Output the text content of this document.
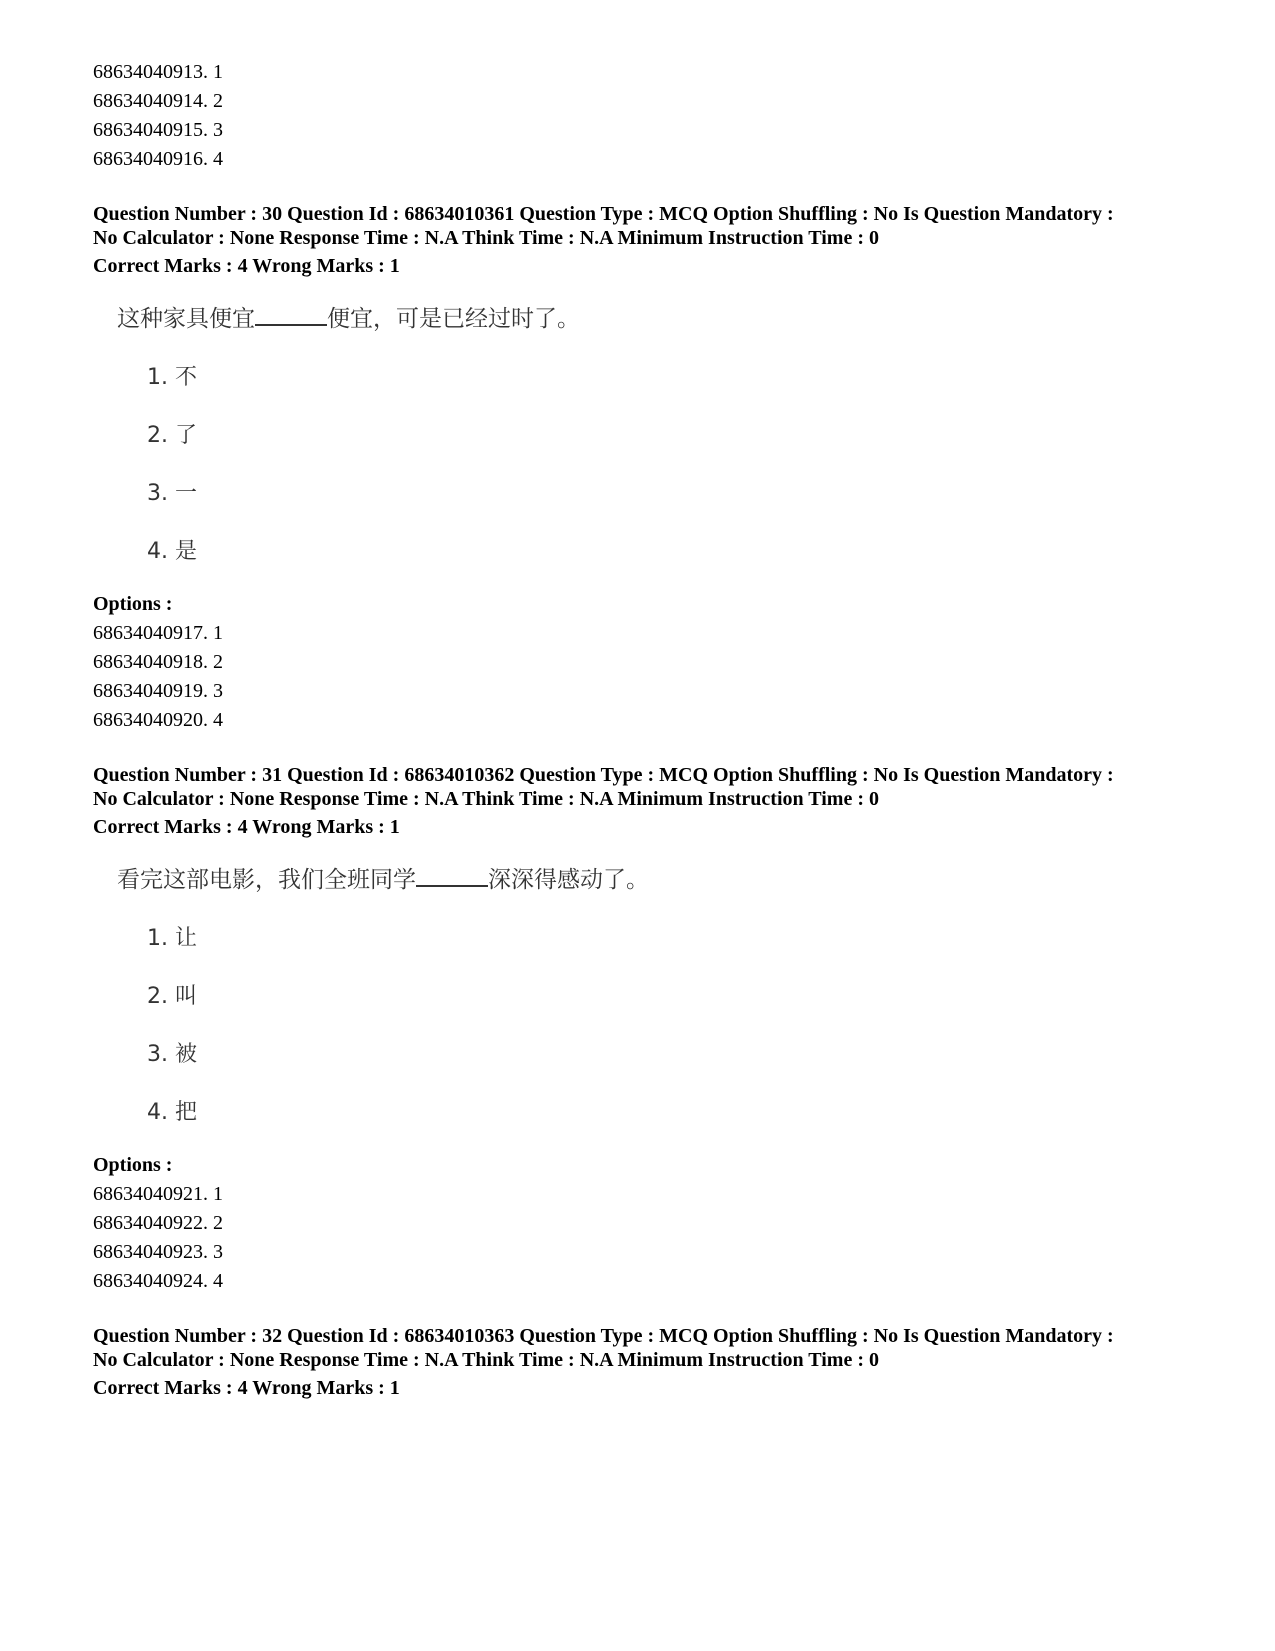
68634040913. 1
68634040914. 2
68634040915. 3
68634040916. 4
Question Number : 30 Question Id : 68634010361 Question Type : MCQ Option Shuffling : No Is Question Mandatory :
No Calculator : None Response Time : N.A Think Time : N.A Minimum Instruction Time : 0
Correct Marks : 4 Wrong Marks : 1
这种家具便宜	便宜，可是已经过时了。
1. 不
2. 了
3. 一
4. 是
Options :
68634040917. 1
68634040918. 2
68634040919. 3
68634040920. 4
Question Number : 31 Question Id : 68634010362 Question Type : MCQ Option Shuffling : No Is Question Mandatory :
No Calculator : None Response Time : N.A Think Time : N.A Minimum Instruction Time : 0
Correct Marks : 4 Wrong Marks : 1
看完这部电影，我们全班同学	深深得感动了。
1. 让
2. 叫
3. 被
4. 把
Options :
68634040921. 1
68634040922. 2
68634040923. 3
68634040924. 4
Question Number : 32 Question Id : 68634010363 Question Type : MCQ Option Shuffling : No Is Question Mandatory :
No Calculator : None Response Time : N.A Think Time : N.A Minimum Instruction Time : 0
Correct Marks : 4 Wrong Marks : 1
